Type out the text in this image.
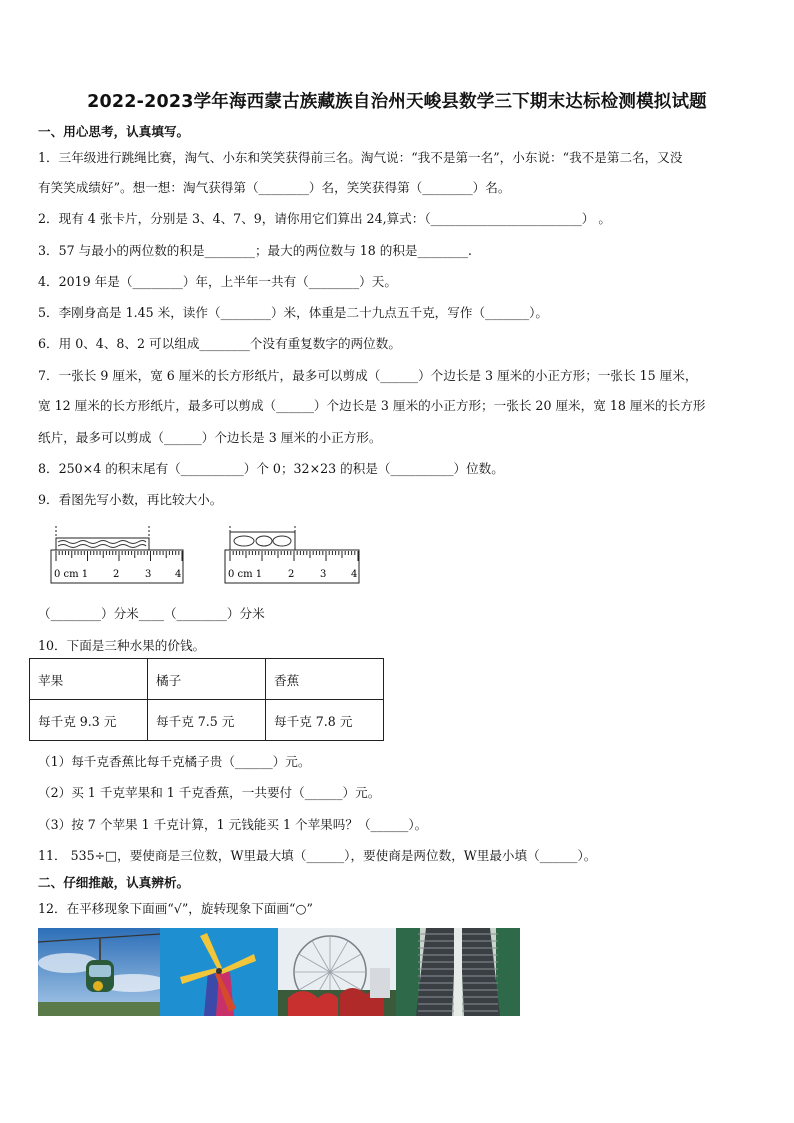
2022-2023学年海西蒙古族藏族自治州天峻县数学三下期末达标检测模拟试题
一、用心思考，认真填写。
1．三年级进行跳绳比赛，淘气、小东和笑笑获得前三名。淘气说：“我不是第一名”，小东说：“我不是第二名，又没
有笑笑成绩好”。想一想：淘气获得第（________）名，笑笑获得第（________）名。
2．现有 4 张卡片，分别是 3、4、7、9，请你用它们算出 24,算式：（________________________） 。
3．57 与最小的两位数的积是________；最大的两位数与 18 的积是________.
4．2019 年是（________）年，上半年一共有（________）天。
5．李刚身高是 1.45 米，读作（________）米，体重是二十九点五千克，写作（_______）。
6．用 0、4、8、2 可以组成________个没有重复数字的两位数。
7．一张长 9 厘米，宽 6 厘米的长方形纸片，最多可以剪成（______）个边长是 3 厘米的小正方形；一张长 15 厘米，
宽 12 厘米的长方形纸片，最多可以剪成（______）个边长是 3 厘米的小正方形；一张长 20 厘米，宽 18 厘米的长方形
纸片，最多可以剪成（______）个边长是 3 厘米的小正方形。
8．250×4 的积末尾有（__________）个 0；32×23 的积是（__________）位数。
9．看图先写小数，再比较大小。
0 cm 1 2	3 4	0 cm 1	2	3 4
（________）分米____（________）分米
10．下面是三种水果的价钱。
苹果	橘子	香蕉
每千克 9.3 元	每千克 7.5 元	每千克 7.8 元
（1）每千克香蕉比每千克橘子贵（______）元。
（2）买 1 千克苹果和 1 千克香蕉，一共要付（______）元。
（3）按 7 个苹果 1 千克计算，1 元钱能买 1 个苹果吗？（______）。
11． 535÷□，要使商是三位数，W里最大填（______），要使商是两位数，W里最小填（______）。
二、仔细推敲，认真辨析。
12．在平移现象下面画“√”，旋转现象下面画“○”
